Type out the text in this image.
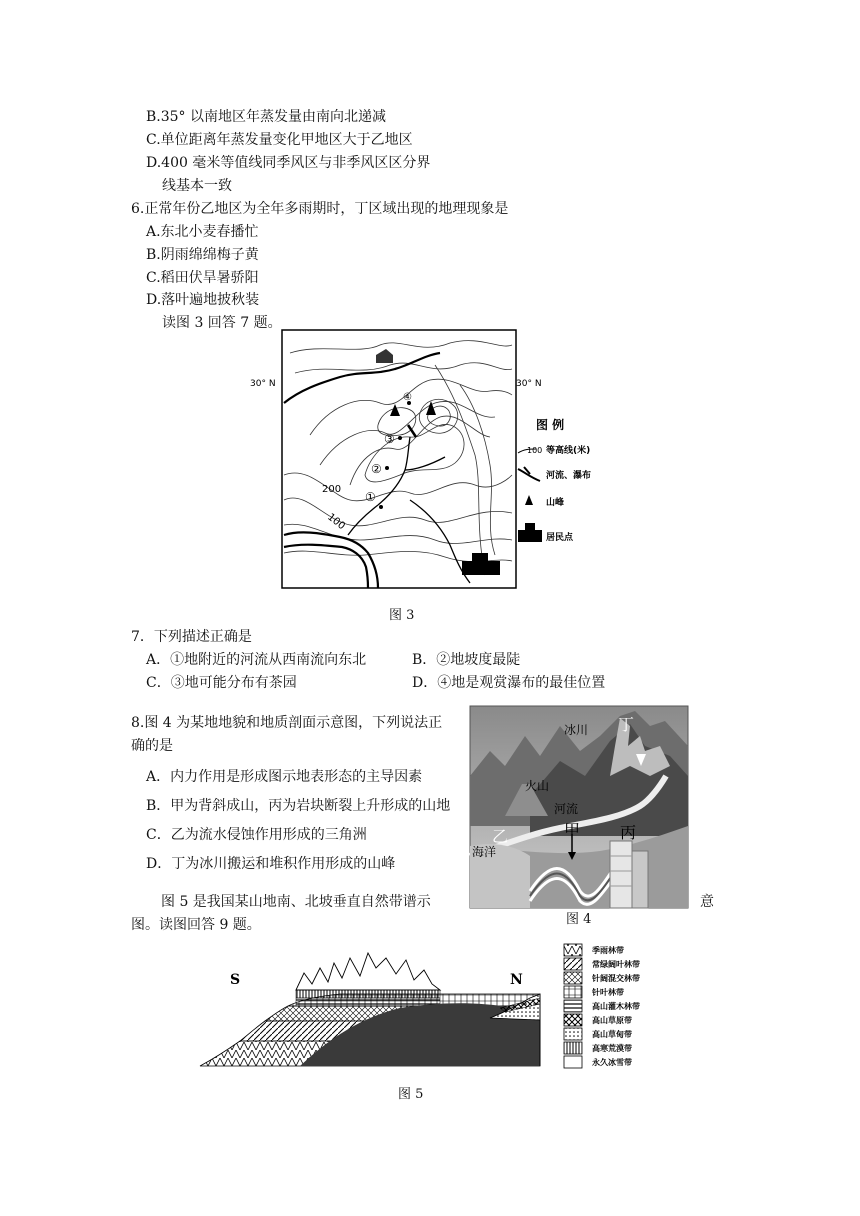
B.35° 以南地区年蒸发量由南向北递减
C.单位距离年蒸发量变化甲地区大于乙地区
D.400 毫米等值线同季风区与非季风区区分界
线基本一致
6.正常年份乙地区为全年多雨期时，丁区域出现的地理现象是
A.东北小麦春播忙
B.阴雨绵绵梅子黄
C.稻田伏旱暑骄阳
D.落叶遍地披秋装
读图 3 回答 7 题。
30° N	30° N
200
100
①
②
③
④
图 例
100 等高线(米)
河流、瀑布
山峰
居民点
图 3
7．下列描述正确是
A．①地附近的河流从西南流向东北	B．②地坡度最陡
C．③地可能分布有茶园	D．④地是观赏瀑布的最佳位置
8.图 4 为某地地貌和地质剖面示意图，下列说法正
确的是
A．内力作用是形成图示地表形态的主导因素
B．甲为背斜成山，丙为岩块断裂上升形成的山地
C．乙为流水侵蚀作用形成的三角洲
D．丁为冰川搬运和堆积作用形成的山峰
丁
冰川
火山
河流
乙	甲 丙
海洋
图 4
图 5 是我国某山地南、北坡垂直自然带谱示	意
图。读图回答 9 题。
S	N
季雨林带
常绿阔叶林带
针阔混交林带
针叶林带
高山灌木林带
高山草原带
高山草甸带
高寒荒漠带
永久冰雪带
图 5
